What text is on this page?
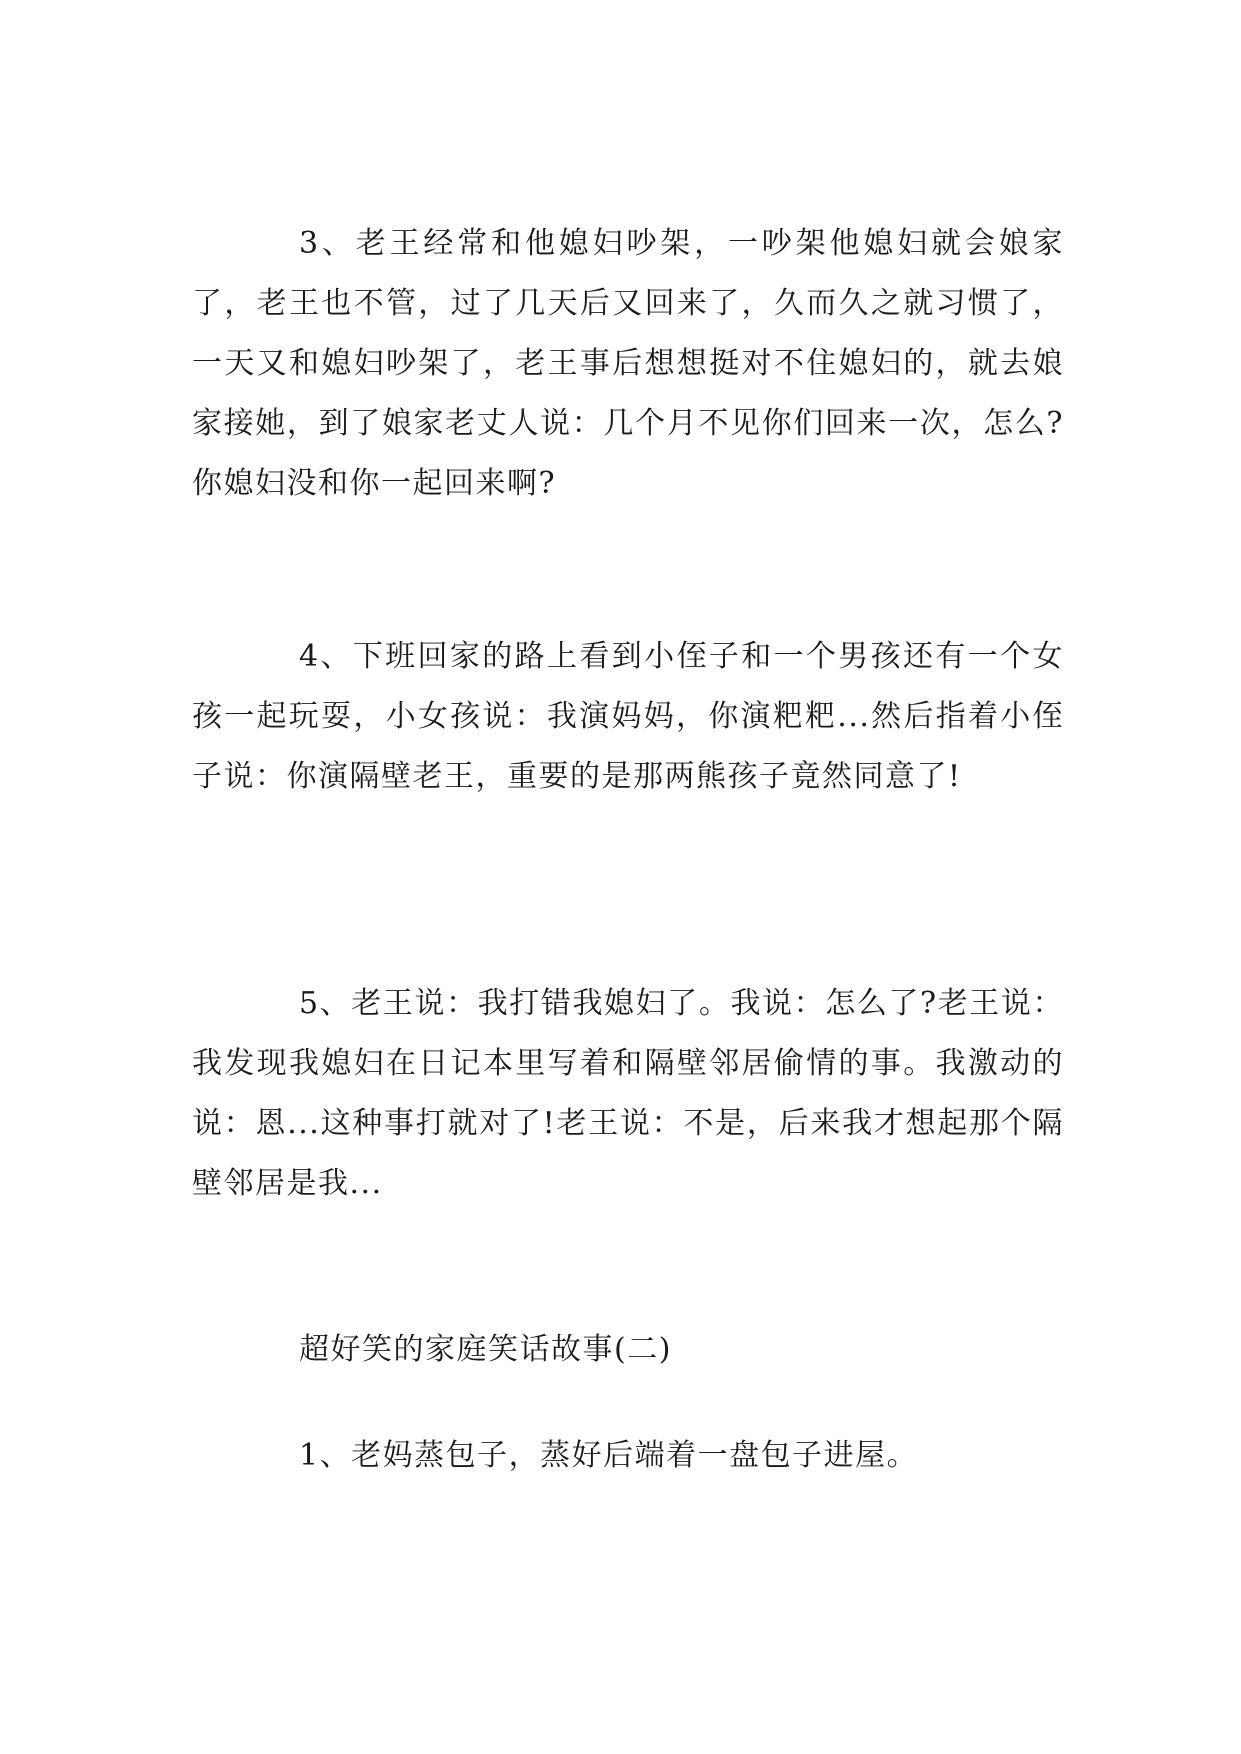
3、老王经常和他媳妇吵架，一吵架他媳妇就会娘家了，老王也不管，过了几天后又回来了，久而久之就习惯了，一天又和媳妇吵架了，老王事后想想挺对不住媳妇的，就去娘家接她，到了娘家老丈人说：几个月不见你们回来一次，怎么?你媳妇没和你一起回来啊?

4、下班回家的路上看到小侄子和一个男孩还有一个女孩一起玩耍，小女孩说：我演妈妈，你演粑粑...然后指着小侄子说：你演隔壁老王，重要的是那两熊孩子竟然同意了!

5、老王说：我打错我媳妇了。我说：怎么了?老王说：我发现我媳妇在日记本里写着和隔壁邻居偷情的事。我激动的说：恩...这种事打就对了!老王说：不是，后来我才想起那个隔壁邻居是我...

超好笑的家庭笑话故事(二)

1、老妈蒸包子，蒸好后端着一盘包子进屋。
